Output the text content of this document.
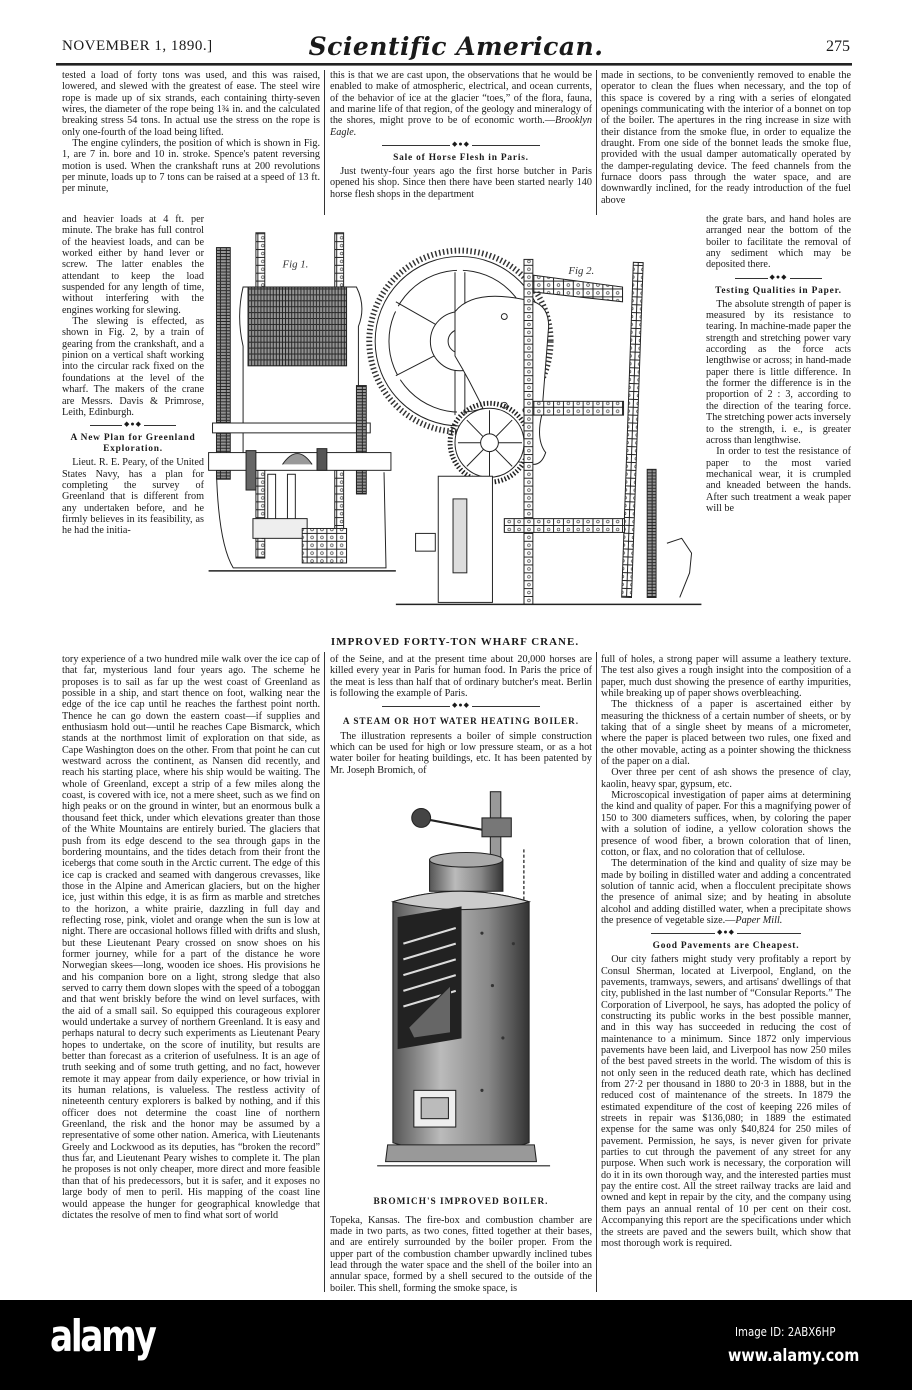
NOVEMBER 1, 1890.]	Scientific American.	275

tested a load of forty tons was used, and this was raised, lowered, and slewed with the greatest of ease. The steel wire rope is made up of six strands, each containing thirty-seven wires, the diameter of the rope being 1¾ in. and the calculated breaking stress 54 tons. In actual use the stress on the rope is only one-fourth of the load being lifted.

The engine cylinders, the position of which is shown in Fig. 1, are 7 in. bore and 10 in. stroke. Spence's patent reversing motion is used. When the crankshaft runs at 200 revolutions per minute, loads up to 7 tons can be raised at a speed of 13 ft. per minute,

this is that we are cast upon, the observations that he would be enabled to make of atmospheric, electrical, and ocean currents, of the behavior of ice at the glacier “toes,” of the flora, fauna, and marine life of that region, of the geology and mineralogy of the shores, might prove to be of economic worth.—Brooklyn Eagle.

◆●◆
Sale of Horse Flesh in Paris.

Just twenty-four years ago the first horse butcher in Paris opened his shop. Since then there have been started nearly 140 horse flesh shops in the department

made in sections, to be conveniently removed to enable the operator to clean the flues when necessary, and the top of this space is covered by a ring with a series of elongated openings communicating with the interior of a bonnet on top of the boiler. The apertures in the ring increase in size with their distance from the smoke flue, in order to equalize the draught. From one side of the bonnet leads the smoke flue, provided with the usual damper automatically operated by the damper-regulating device. The feed channels from the furnace doors pass through the water space, and are downwardly inclined, for the ready introduction of the fuel above

and heavier loads at 4 ft. per minute. The brake has full control of the heaviest loads, and can be worked either by hand lever or screw. The latter enables the attendant to keep the load suspended for any length of time, without interfering with the engines working for slewing.

The slewing is effected, as shown in Fig. 2, by a train of gearing from the crankshaft, and a pinion on a vertical shaft working into the circular rack fixed on the foundations at the level of the wharf. The makers of the crane are Messrs. Davis & Primrose, Leith, Edinburgh.

◆●◆
A New Plan for Greenland Exploration.

Lieut. R. E. Peary, of the United States Navy, has a plan for completing the survey of Greenland that is different from any undertaken before, and he firmly believes in its feasibility, as he had the initia-

the grate bars, and hand holes are arranged near the bottom of the boiler to facilitate the removal of any sediment which may be deposited there.

◆●◆
Testing Qualities in Paper.

The absolute strength of paper is measured by its resistance to tearing. In machine-made paper the strength and stretching power vary according as the force acts lengthwise or across; in hand-made paper there is little difference. In the former the difference is in the proportion of 2 : 3, according to the direction of the tearing force. The stretching power acts inversely to the strength, i. e., is greater across than lengthwise.

In order to test the resistance of paper to the most varied mechanical wear, it is crumpled and kneaded between the hands. After such treatment a weak paper will be

Fig 1.
Fig 2.
IMPROVED FORTY-TON WHARF CRANE.

tory experience of a two hundred mile walk over the ice cap of that far, mysterious land four years ago. The scheme he proposes is to sail as far up the west coast of Greenland as possible in a ship, and start thence on foot, walking near the edge of the ice cap until he reaches the farthest point north. Thence he can go down the eastern coast—if supplies and enthusiasm hold out—until he reaches Cape Bismarck, which stands at the northmost limit of exploration on that side, as Cape Washington does on the other. From that point he can cut westward across the continent, as Nansen did recently, and reach his starting place, where his ship would be waiting. The whole of Greenland, except a strip of a few miles along the coast, is covered with ice, not a mere sheet, such as we find on high peaks or on the ground in winter, but an enormous bulk a thousand feet thick, under which elevations greater than those of the White Mountains are entirely buried. The glaciers that push from its edge descend to the sea through gaps in the bordering mountains, and the tides detach from their front the icebergs that come south in the Arctic current. The edge of this ice cap is cracked and seamed with dangerous crevasses, like those in the Alpine and American glaciers, but on the higher ice, just within this edge, it is as firm as marble and stretches to the horizon, a white prairie, dazzling in full day and reflecting rose, pink, violet and orange when the sun is low at night. There are occasional hollows filled with drifts and slush, but these Lieutenant Peary crossed on snow shoes on his former journey, while for a part of the distance he wore Norwegian skees—long, wooden ice shoes. His provisions he and his companion bore on a light, strong sledge that also served to carry them down slopes with the speed of a toboggan and that went briskly before the wind on level surfaces, with the aid of a small sail. So equipped this courageous explorer would undertake a survey of northern Greenland. It is easy and perhaps natural to decry such experiments as Lieutenant Peary hopes to undertake, on the score of inutility, but results are better than forecast as a criterion of usefulness. It is an age of truth seeking and of some truth getting, and no fact, however remote it may appear from daily experience, or how trivial in its human relations, is valueless. The restless activity of nineteenth century explorers is balked by nothing, and if this officer does not determine the coast line of northern Greenland, the risk and the honor may be assumed by a representative of some other nation. America, with Lieutenants Greely and Lockwood as its deputies, has “broken the record” thus far, and Lieutenant Peary wishes to complete it. The plan he proposes is not only cheaper, more direct and more feasible than that of his predecessors, but it is safer, and it exposes no large body of men to peril. His mapping of the coast line would appease the hunger for geographical knowledge that dictates the resolve of men to find what sort of world

of the Seine, and at the present time about 20,000 horses are killed every year in Paris for human food. In Paris the price of the meat is less than half that of ordinary butcher's meat. Berlin is following the example of Paris.

◆●◆
A STEAM OR HOT WATER HEATING BOILER.

The illustration represents a boiler of simple construction which can be used for high or low pressure steam, or as a hot water boiler for heating buildings, etc. It has been patented by Mr. Joseph Bromich, of

BROMICH'S IMPROVED BOILER.

Topeka, Kansas. The fire-box and combustion chamber are made in two parts, as two cones, fitted together at their bases, and are entirely surrounded by the boiler proper. From the upper part of the combustion chamber upwardly inclined tubes lead through the water space and the shell of the boiler into an annular space, formed by a shell secured to the outside of the boiler. This shell, forming the smoke space, is

full of holes, a strong paper will assume a leathery texture. The test also gives a rough insight into the composition of a paper, much dust showing the presence of earthy impurities, while breaking up of paper shows overbleaching.

The thickness of a paper is ascertained either by measuring the thickness of a certain number of sheets, or by taking that of a single sheet by means of a micrometer, where the paper is placed between two rules, one fixed and the other movable, acting as a pointer showing the thickness of the paper on a dial.

Over three per cent of ash shows the presence of clay, kaolin, heavy spar, gypsum, etc.

Microscopical investigation of paper aims at determining the kind and quality of paper. For this a magnifying power of 150 to 300 diameters suffices, when, by coloring the paper with a solution of iodine, a yellow coloration shows the presence of wood fiber, a brown coloration that of linen, cotton, or flax, and no coloration that of cellulose.

The determination of the kind and quality of size may be made by boiling in distilled water and adding a concentrated solution of tannic acid, when a flocculent precipitate shows the presence of animal size; and by heating in absolute alcohol and adding distilled water, when a precipitate shows the presence of vegetable size.—Paper Mill.

◆●◆
Good Pavements are Cheapest.

Our city fathers might study very profitably a report by Consul Sherman, located at Liverpool, England, on the pavements, tramways, sewers, and artisans' dwellings of that city, published in the last number of “Consular Reports.” The Corporation of Liverpool, he says, has adopted the policy of constructing its public works in the best possible manner, and in this way has succeeded in reducing the cost of maintenance to a minimum. Since 1872 only impervious pavements have been laid, and Liverpool has now 250 miles of the best paved streets in the world. The wisdom of this is not only seen in the reduced death rate, which has declined from 27·2 per thousand in 1880 to 20·3 in 1888, but in the reduced cost of maintenance of the streets. In 1879 the estimated expenditure of the cost of keeping 226 miles of streets in repair was $136,080; in 1889 the estimated expense for the same was only $40,824 for 250 miles of pavement. Permission, he says, is never given for private parties to cut through the pavement of any street for any purpose. When such work is necessary, the corporation will do it in its own thorough way, and the interested parties must pay the entire cost. All the street railway tracks are laid and owned and kept in repair by the city, and the company using them pays an annual rental of 10 per cent on their cost. Accompanying this report are the specifications under which the streets are paved and the sewers built, which show that most thorough work is required.

alamy	Image ID: 2ABX6HP
www.alamy.com
